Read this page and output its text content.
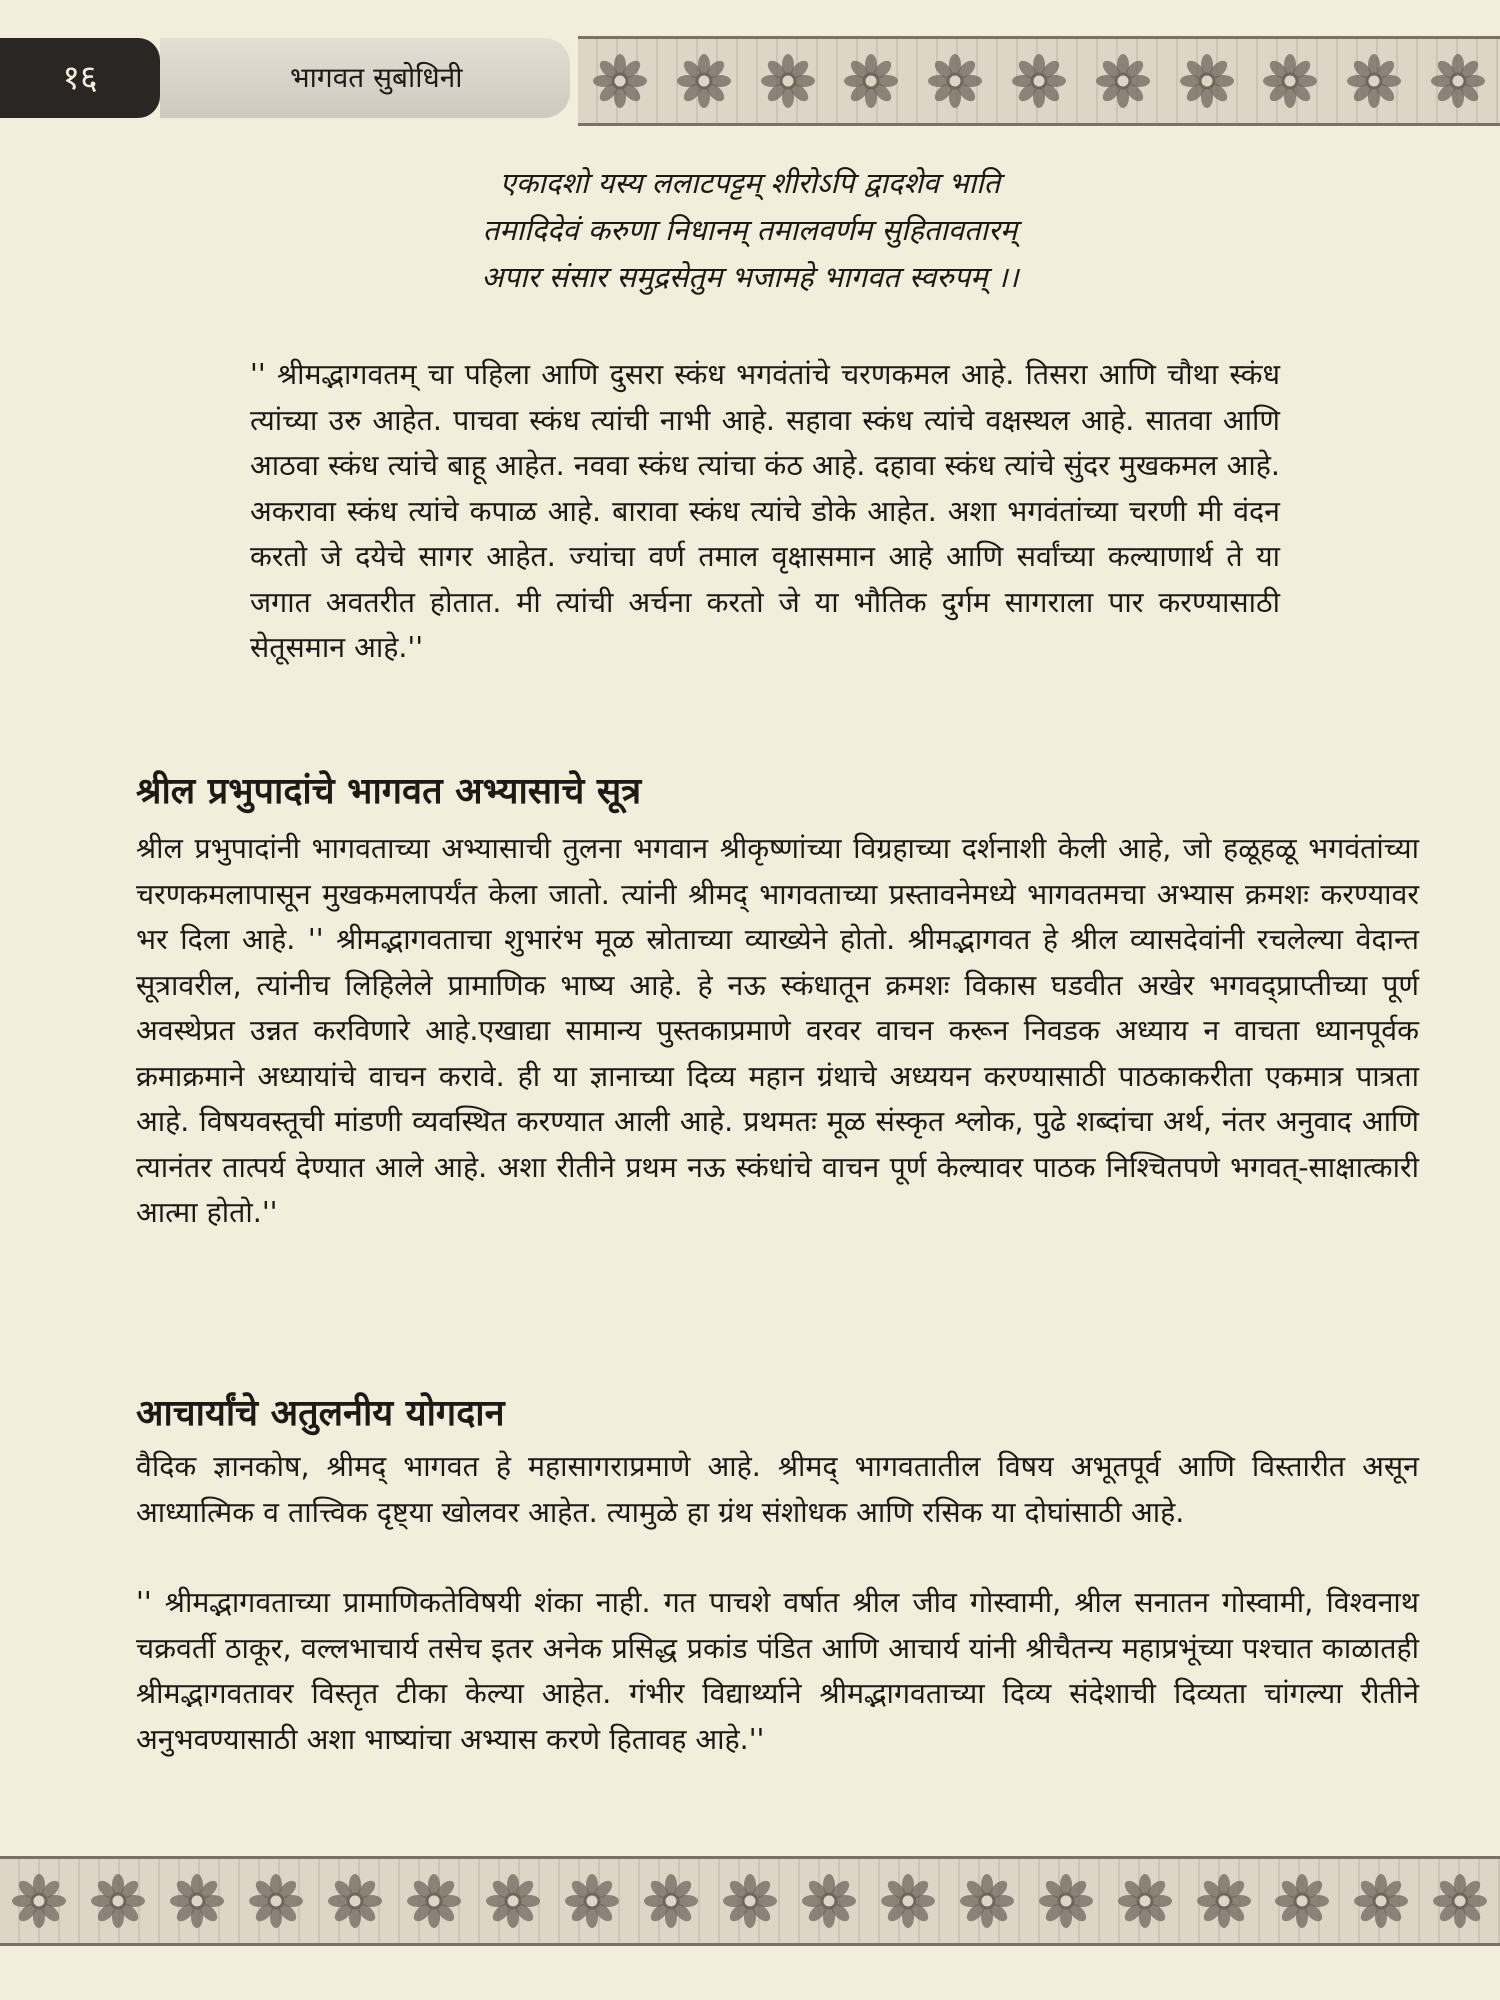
१६	भागवत सुबोधिनी
एकादशो यस्य ललाटपट्टम् शीरोऽपि द्वादशेव भाति
तमादिदेवं करुणा निधानम् तमालवर्णम सुहितावतारम्
अपार संसार समुद्रसेतुम भजामहे भागवत स्वरुपम् ।।

'' श्रीमद्भागवतम् चा पहिला आणि दुसरा स्कंध भगवंतांचे चरणकमल आहे. तिसरा आणि चौथा स्कंध त्यांच्या उरु आहेत. पाचवा स्कंध त्यांची नाभी आहे. सहावा स्कंध त्यांचे वक्षस्थल आहे. सातवा आणि आठवा स्कंध त्यांचे बाहू आहेत. नववा स्कंध त्यांचा कंठ आहे. दहावा स्कंध त्यांचे सुंदर मुखकमल आहे. अकरावा स्कंध त्यांचे कपाळ आहे. बारावा स्कंध त्यांचे डोके आहेत. अशा भगवंतांच्या चरणी मी वंदन करतो जे दयेचे सागर आहेत. ज्यांचा वर्ण तमाल वृक्षासमान आहे आणि सर्वांच्या कल्याणार्थ ते या जगात अवतरीत होतात. मी त्यांची अर्चना करतो जे या भौतिक दुर्गम सागराला पार करण्यासाठी सेतूसमान आहे.''

श्रील प्रभुपादांचे भागवत अभ्यासाचे सूत्र

श्रील प्रभुपादांनी भागवताच्या अभ्यासाची तुलना भगवान श्रीकृष्णांच्या विग्रहाच्या दर्शनाशी केली आहे, जो हळूहळू भगवंतांच्या चरणकमलापासून मुखकमलापर्यंत केला जातो. त्यांनी श्रीमद् भागवताच्या प्रस्तावनेमध्ये भागवतमचा अभ्यास क्रमशः करण्यावर भर दिला आहे. '' श्रीमद्भागवताचा शुभारंभ मूळ स्रोताच्या व्याख्येने होतो. श्रीमद्भागवत हे श्रील व्यासदेवांनी रचलेल्या वेदान्त सूत्रावरील, त्यांनीच लिहिलेले प्रामाणिक भाष्य आहे. हे नऊ स्कंधातून क्रमशः विकास घडवीत अखेर भगवद्प्राप्तीच्या पूर्ण अवस्थेप्रत उन्नत करविणारे आहे.एखाद्या सामान्य पुस्तकाप्रमाणे वरवर वाचन करून निवडक अध्याय न वाचता ध्यानपूर्वक क्रमाक्रमाने अध्यायांचे वाचन करावे. ही या ज्ञानाच्या दिव्य महान ग्रंथाचे अध्ययन करण्यासाठी पाठकाकरीता एकमात्र पात्रता आहे. विषयवस्तूची मांडणी व्यवस्थित करण्यात आली आहे. प्रथमतः मूळ संस्कृत श्लोक, पुढे शब्दांचा अर्थ, नंतर अनुवाद आणि त्यानंतर तात्पर्य देण्यात आले आहे. अशा रीतीने प्रथम नऊ स्कंधांचे वाचन पूर्ण केल्यावर पाठक निश्चितपणे भगवत्-साक्षात्कारी आत्मा होतो.''

आचार्यांचे अतुलनीय योगदान

वैदिक ज्ञानकोष, श्रीमद् भागवत हे महासागराप्रमाणे आहे. श्रीमद् भागवतातील विषय अभूतपूर्व आणि विस्तारीत असून आध्यात्मिक व तात्त्विक दृष्ट्या खोलवर आहेत. त्यामुळे हा ग्रंथ संशोधक आणि रसिक या दोघांसाठी आहे.

'' श्रीमद्भागवताच्या प्रामाणिकतेविषयी शंका नाही. गत पाचशे वर्षात श्रील जीव गोस्वामी, श्रील सनातन गोस्वामी, विश्वनाथ चक्रवर्ती ठाकूर, वल्लभाचार्य तसेच इतर अनेक प्रसिद्ध प्रकांड पंडित आणि आचार्य यांनी श्रीचैतन्य महाप्रभूंच्या पश्चात काळातही श्रीमद्भागवतावर विस्तृत टीका केल्या आहेत. गंभीर विद्यार्थ्याने श्रीमद्भागवताच्या दिव्य संदेशाची दिव्यता चांगल्या रीतीने अनुभवण्यासाठी अशा भाष्यांचा अभ्यास करणे हितावह आहे.''
